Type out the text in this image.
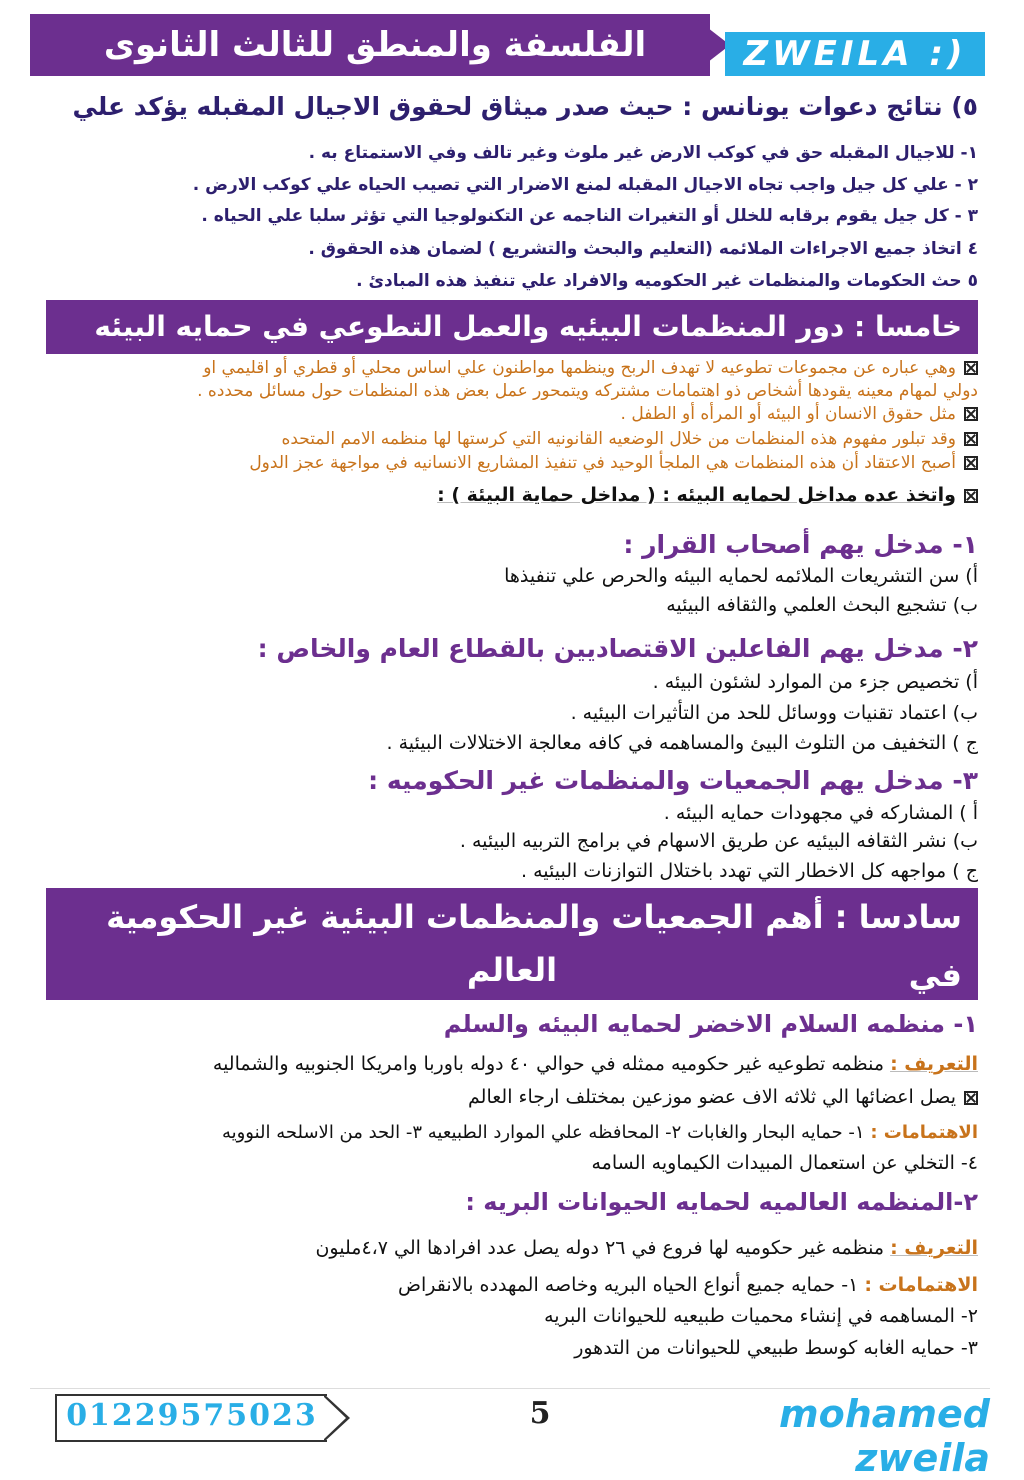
الفلسفة والمنطق للثالث الثانوى	ZWEILA :)
٥) نتائج دعوات يونانس : حيث صدر ميثاق لحقوق الاجيال المقبله يؤكد علي
١- للاجيال المقبله حق في كوكب الارض غير ملوث وغير تالف وفي الاستمتاع به .
٢ - علي كل جيل واجب تجاه الاجيال المقبله لمنع الاضرار التي تصيب الحياه علي كوكب الارض .
٣ - كل جيل يقوم برقابه للخلل أو التغيرات الناجمه عن التكنولوجيا التي تؤثر سلبا علي الحياه .
٤ اتخاذ جميع الاجراءات الملائمه (التعليم والبحث والتشريع ) لضمان هذه الحقوق .
٥ حث الحكومات والمنظمات غير الحكوميه والافراد علي تنفيذ هذه المبادئ .
خامسا : دور المنظمات البيئيه والعمل التطوعي في حمايه البيئه
وهي عباره عن مجموعات تطوعيه لا تهدف الربح وينظمها مواطنون علي اساس محلي أو قطري أو اقليمي او
دولي لمهام معينه يقودها أشخاص ذو اهتمامات مشتركه ويتمحور عمل بعض هذه المنظمات حول مسائل محدده .
مثل حقوق الانسان أو البيئه أو المرأه أو الطفل .
وقد تبلور مفهوم هذه المنظمات من خلال الوضعيه القانونيه التي كرستها لها منظمه الامم المتحده
أصبح الاعتقاد أن هذه المنظمات هي الملجأ الوحيد في تنفيذ المشاريع الانسانيه في مواجهة عجز الدول
واتخذ عده مداخل لحمايه البيئه : ( مداخل حماية البيئة ) :
١- مدخل يهم أصحاب القرار :
أ) سن التشريعات الملائمه لحمايه البيئه والحرص علي تنفيذها
ب) تشجيع البحث العلمي والثقافه البيئيه
٢- مدخل يهم الفاعلين الاقتصاديين بالقطاع العام والخاص :
أ) تخصيص جزء من الموارد لشئون البيئه .
ب) اعتماد تقنيات ووسائل للحد من التأثيرات البيئيه .
ج ) التخفيف من التلوث البيئ والمساهمه في كافه معالجة الاختلالات البيئية .
٣- مدخل يهم الجمعيات والمنظمات غير الحكوميه :
أ ) المشاركه في مجهودات حمايه البيئه .
ب) نشر الثقافه البيئيه عن طريق الاسهام في برامج التربيه البيئيه .
ج ) مواجهه كل الاخطار التي تهدد باختلال التوازنات البيئيه .
سادسا : أهم الجمعيات والمنظمات البيئية غير الحكومية في
العالم
١- منظمه السلام الاخضر لحمايه البيئه والسلم
التعريف : منظمه تطوعيه غير حكوميه ممثله في حوالي ٤٠ دوله باوربا وامريكا الجنوبيه والشماليه
يصل اعضائها الي ثلاثه الاف عضو موزعين بمختلف ارجاء العالم
الاهتمامات : ١- حمايه البحار والغابات ٢- المحافظه علي الموارد الطبيعيه ٣- الحد من الاسلحه النوويه
٤- التخلي عن استعمال المبيدات الكيماويه السامه
٢-المنظمه العالميه لحمايه الحيوانات البريه :
التعريف : منظمه غير حكوميه لها فروع في ٢٦ دوله يصل عدد افرادها الي ٤،٧مليون
الاهتمامات : ١- حمايه جميع أنواع الحياه البريه وخاصه المهدده بالانقراض
٢- المساهمه في إنشاء محميات طبيعيه للحيوانات البريه
٣- حمايه الغابه كوسط طبيعي للحيوانات من التدهور
01229575023	5	mohamed zweila
